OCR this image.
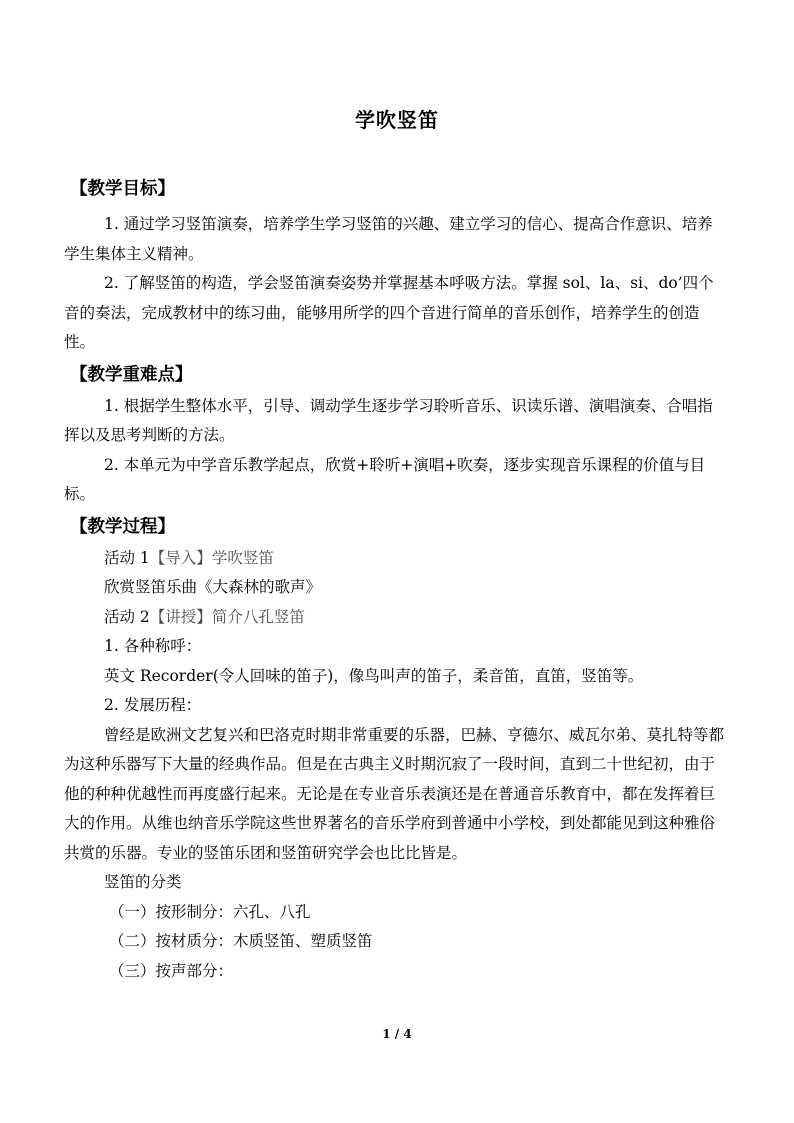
学吹竖笛
【教学目标】
1. 通过学习竖笛演奏，培养学生学习竖笛的兴趣、建立学习的信心、提高合作意识、培养学生集体主义精神。
2. 了解竖笛的构造，学会竖笛演奏姿势并掌握基本呼吸方法。掌握 sol、la、si、do’四个音的奏法，完成教材中的练习曲，能够用所学的四个音进行简单的音乐创作，培养学生的创造性。
【教学重难点】
1. 根据学生整体水平，引导、调动学生逐步学习聆听音乐、识读乐谱、演唱演奏、合唱指挥以及思考判断的方法。
2. 本单元为中学音乐教学起点，欣赏+聆听+演唱+吹奏，逐步实现音乐课程的价值与目标。
【教学过程】
活动 1【导入】学吹竖笛
欣赏竖笛乐曲《大森林的歌声》
活动 2【讲授】简介八孔竖笛
1. 各种称呼：
英文 Recorder(令人回味的笛子)，像鸟叫声的笛子，柔音笛，直笛，竖笛等。
2. 发展历程：
曾经是欧洲文艺复兴和巴洛克时期非常重要的乐器，巴赫、亨德尔、威瓦尔弟、莫扎特等都为这种乐器写下大量的经典作品。但是在古典主义时期沉寂了一段时间，直到二十世纪初，由于他的种种优越性而再度盛行起来。无论是在专业音乐表演还是在普通音乐教育中，都在发挥着巨大的作用。从维也纳音乐学院这些世界著名的音乐学府到普通中小学校，到处都能见到这种雅俗共赏的乐器。专业的竖笛乐团和竖笛研究学会也比比皆是。
竖笛的分类
（一）按形制分：六孔、八孔
（二）按材质分：木质竖笛、塑质竖笛
（三）按声部分：
1 / 4
